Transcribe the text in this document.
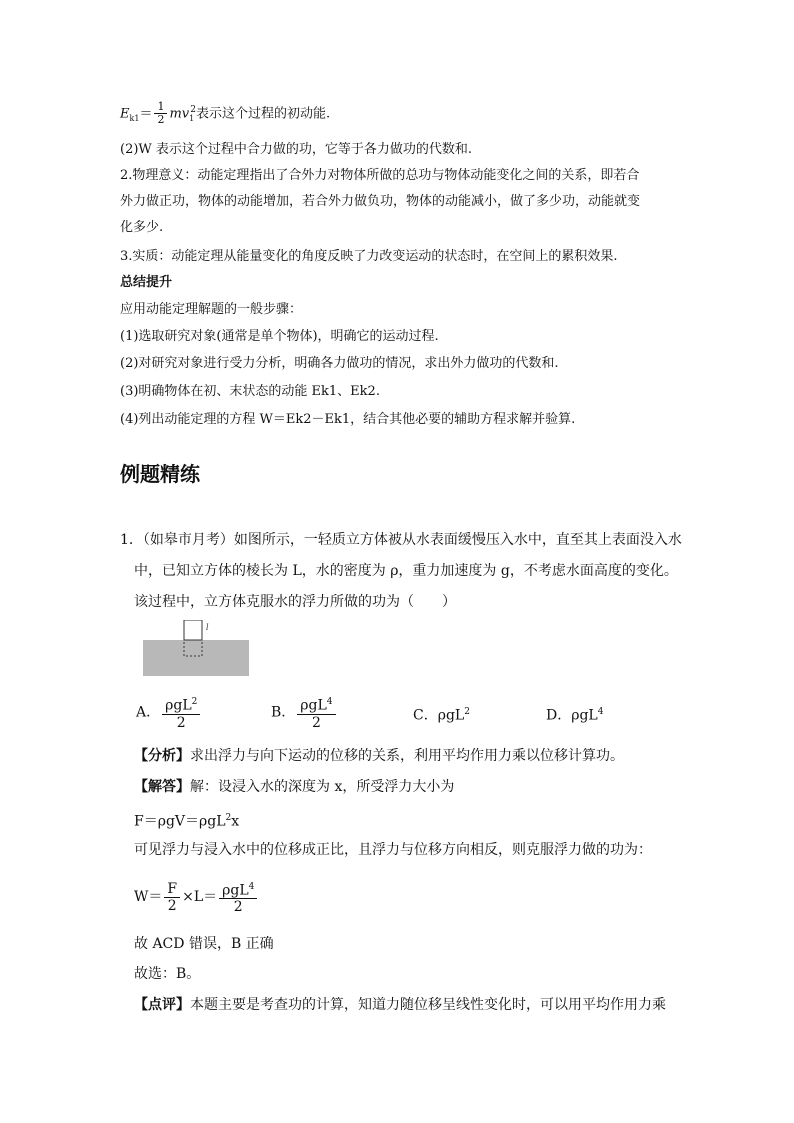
$E_{k1}= \frac{1}{2} mv_1^2$表示这个过程的初动能.
(2)W 表示这个过程中合力做的功，它等于各力做功的代数和.
2.物理意义：动能定理指出了合外力对物体所做的总功与物体动能变化之间的关系，即若合
外力做正功，物体的动能增加，若合外力做负功，物体的动能减小，做了多少功，动能就变
化多少.
3.实质：动能定理从能量变化的角度反映了力改变运动的状态时，在空间上的累积效果.
总结提升
应用动能定理解题的一般步骤：
(1)选取研究对象(通常是单个物体)，明确它的运动过程.
(2)对研究对象进行受力分析，明确各力做功的情况，求出外力做功的代数和.
(3)明确物体在初、末状态的动能 Ek1、Ek2.
(4)列出动能定理的方程 W＝Ek2－Ek1，结合其他必要的辅助方程求解并验算.
例题精练
1．（如皋市月考）如图所示，一轻质立方体被从水表面缓慢压入水中，直至其上表面没入水
中，已知立方体的棱长为 L，水的密度为 ρ，重力加速度为 g，不考虑水面高度的变化。
该过程中，立方体克服水的浮力所做的功为（　　）
l
A． $\frac{\rho gL^2}{2}$	B． $\frac{\rho gL^4}{2}$	C．ρgL$^2$	D．ρgL$^4$
【分析】求出浮力与向下运动的位移的关系，利用平均作用力乘以位移计算功。
【解答】解：设浸入水的深度为 x，所受浮力大小为
F＝ρgV＝ρgL$^2$x
可见浮力与浸入水中的位移成正比，且浮力与位移方向相反，则克服浮力做的功为：
$W= \frac{F}{2} \times L= \frac{\rho gL^4}{2}$
故 ACD 错误，B 正确
故选：B。
【点评】本题主要是考查功的计算，知道力随位移呈线性变化时，可以用平均作用力乘
